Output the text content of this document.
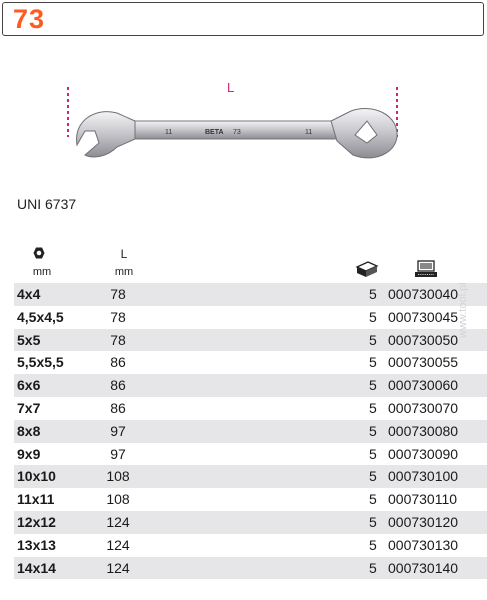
73
11	BETA 73	11
L
UNI 6737
mm
L
mm
4x4	78	5 000730040
4,5x4,5	78	5 000730045
5x5	78	5 000730050
5,5x5,5	86	5 000730055
6x6	86	5 000730060
7x7	86	5 000730070
8x8	97	5 000730080
9x9	97	5 000730090
10x10	108	5 000730100
11x11	108	5 000730110
12x12	124	5 000730120
13x13	124	5 000730130
14x14	124	5 000730140
www.tool.pl
